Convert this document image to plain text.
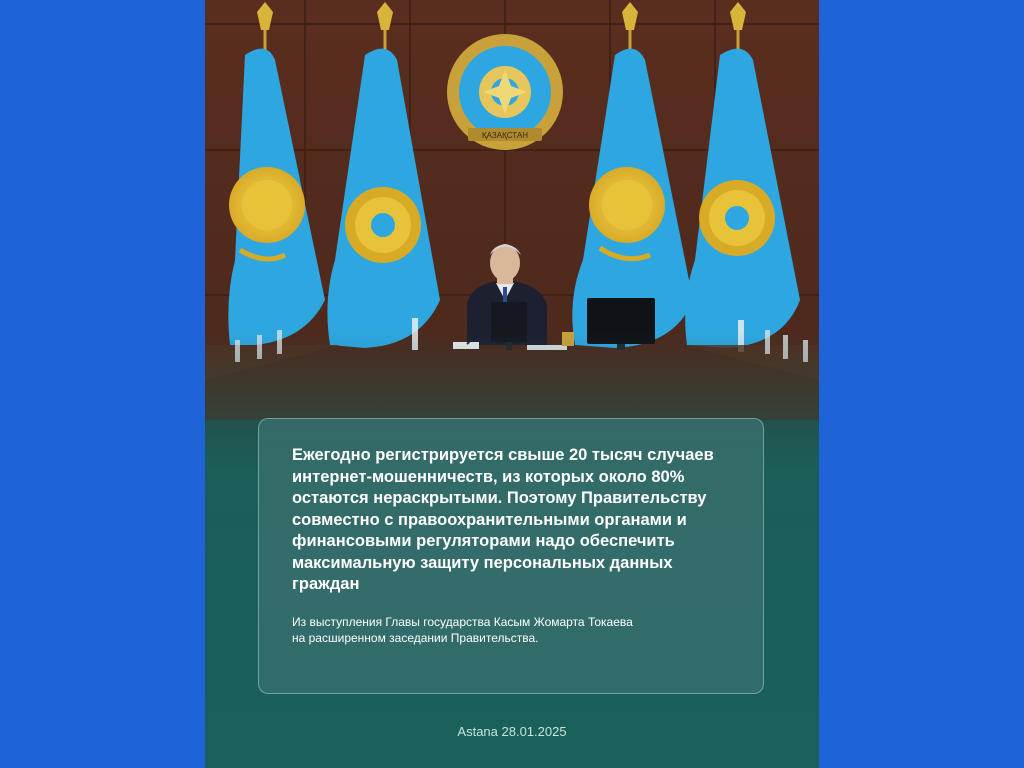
ҚАЗАҚСТАН

Ежегодно регистрируется свыше 20 тысяч случаев интернет-мошенничеств, из которых около 80% остаются нераскрытыми. Поэтому Правительству совместно с правоохранительными органами и финансовыми регуляторами надо обеспечить максимальную защиту персональных данных граждан

Из выступления Главы государства Касым Жомарта Токаева
на расширенном заседании Правительства.

Astana 28.01.2025
